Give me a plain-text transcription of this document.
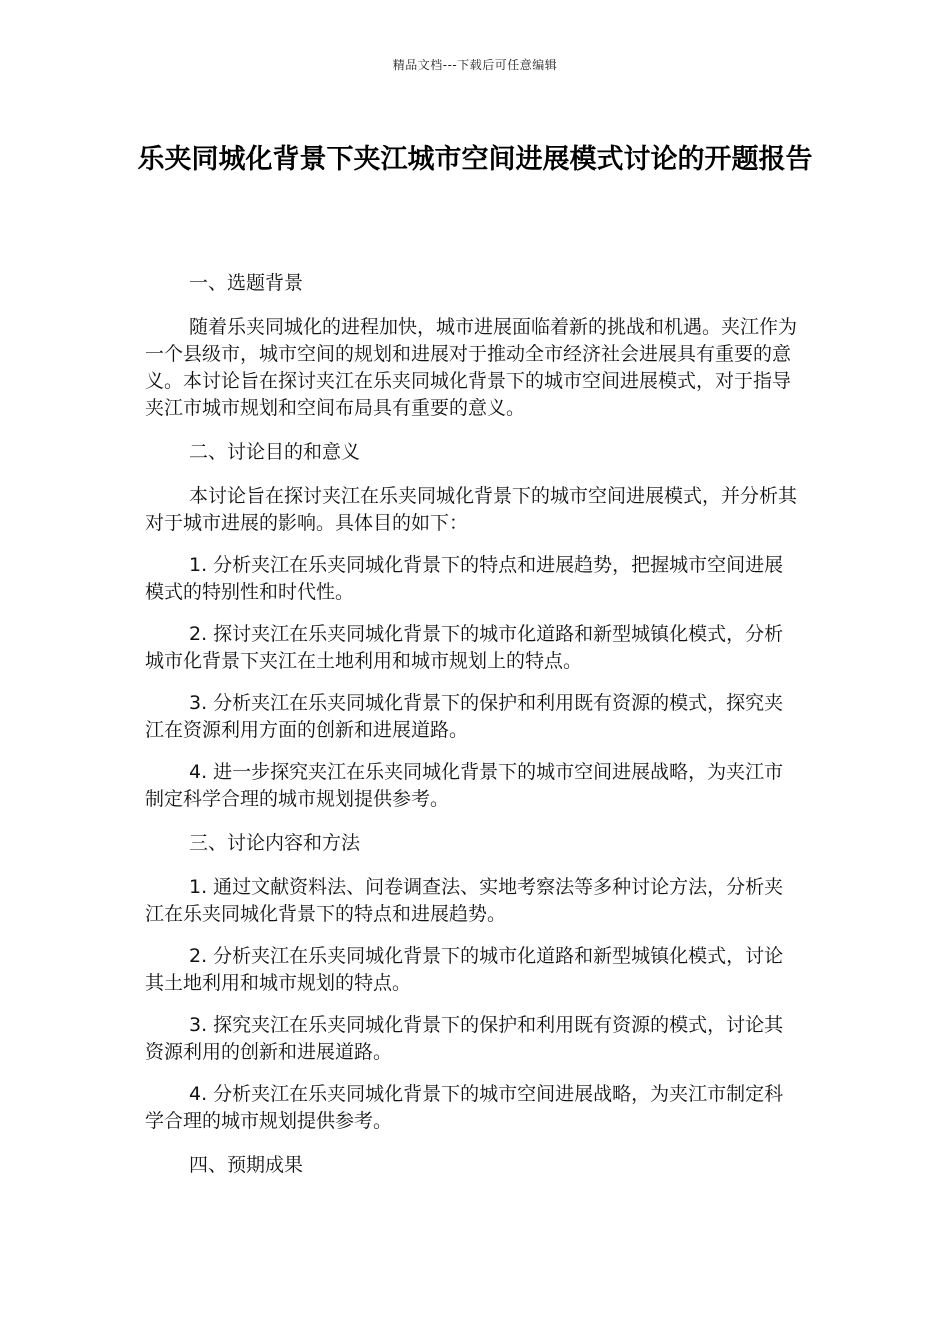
精品文档---下载后可任意编辑
乐夹同城化背景下夹江城市空间进展模式讨论的开题报告
一、选题背景

随着乐夹同城化的进程加快，城市进展面临着新的挑战和机遇。夹江作为一个县级市，城市空间的规划和进展对于推动全市经济社会进展具有重要的意义。本讨论旨在探讨夹江在乐夹同城化背景下的城市空间进展模式，对于指导夹江市城市规划和空间布局具有重要的意义。

二、讨论目的和意义

本讨论旨在探讨夹江在乐夹同城化背景下的城市空间进展模式，并分析其对于城市进展的影响。具体目的如下：

1. 分析夹江在乐夹同城化背景下的特点和进展趋势，把握城市空间进展模式的特别性和时代性。

2. 探讨夹江在乐夹同城化背景下的城市化道路和新型城镇化模式，分析城市化背景下夹江在土地利用和城市规划上的特点。

3. 分析夹江在乐夹同城化背景下的保护和利用既有资源的模式，探究夹江在资源利用方面的创新和进展道路。

4. 进一步探究夹江在乐夹同城化背景下的城市空间进展战略，为夹江市制定科学合理的城市规划提供参考。

三、讨论内容和方法

1. 通过文献资料法、问卷调查法、实地考察法等多种讨论方法，分析夹江在乐夹同城化背景下的特点和进展趋势。

2. 分析夹江在乐夹同城化背景下的城市化道路和新型城镇化模式，讨论其土地利用和城市规划的特点。

3. 探究夹江在乐夹同城化背景下的保护和利用既有资源的模式，讨论其资源利用的创新和进展道路。

4. 分析夹江在乐夹同城化背景下的城市空间进展战略，为夹江市制定科学合理的城市规划提供参考。

四、预期成果
